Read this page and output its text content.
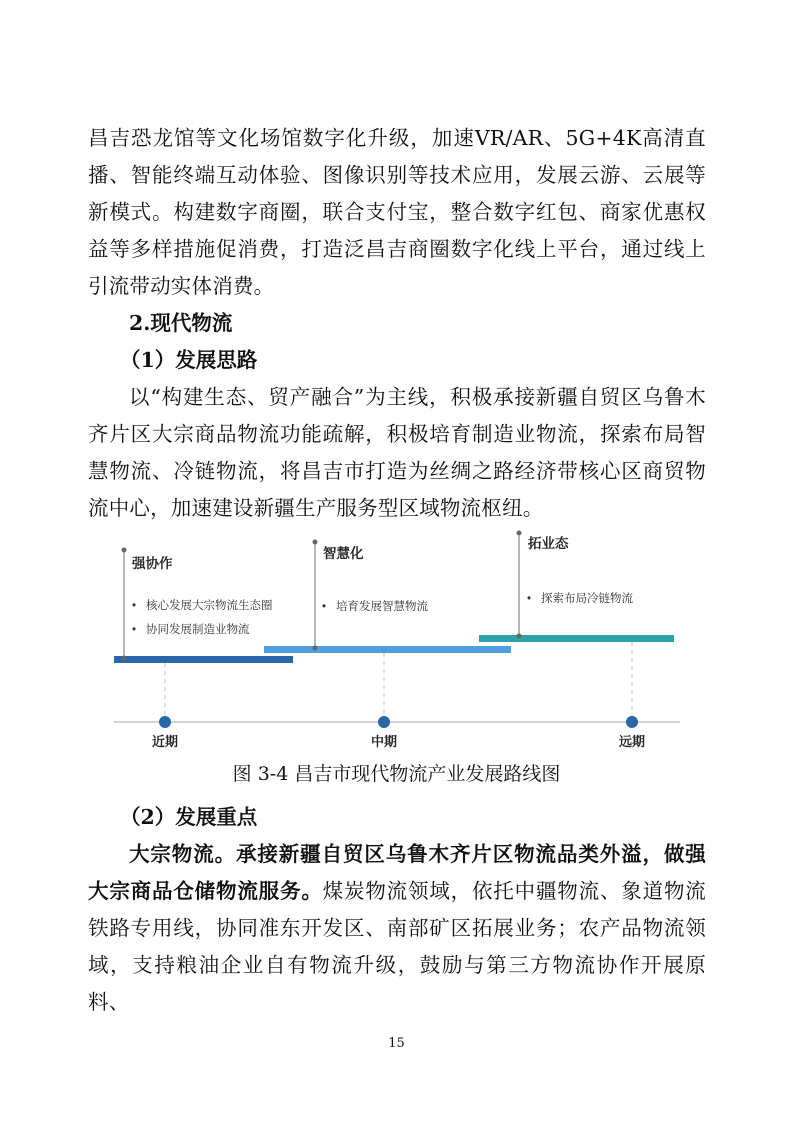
昌吉恐龙馆等文化场馆数字化升级，加速VR/AR、5G+4K高清直播、智能终端互动体验、图像识别等技术应用，发展云游、云展等新模式。构建数字商圈，联合支付宝，整合数字红包、商家优惠权益等多样措施促消费，打造泛昌吉商圈数字化线上平台，通过线上引流带动实体消费。
2.现代物流
（1）发展思路
以“构建生态、贸产融合”为主线，积极承接新疆自贸区乌鲁木齐片区大宗商品物流功能疏解，积极培育制造业物流，探索布局智慧物流、冷链物流，将昌吉市打造为丝绸之路经济带核心区商贸物流中心，加速建设新疆生产服务型区域物流枢纽。
强协作
智慧化
拓业态
• 核心发展大宗物流生态圈
• 协同发展制造业物流
• 培育发展智慧物流
• 探索布局冷链物流
近期	中期	远期
图 3-4 昌吉市现代物流产业发展路线图
（2）发展重点
大宗物流。承接新疆自贸区乌鲁木齐片区物流品类外溢，做强大宗商品仓储物流服务。煤炭物流领域，依托中疆物流、象道物流铁路专用线，协同准东开发区、南部矿区拓展业务；农产品物流领域，支持粮油企业自有物流升级，鼓励与第三方物流协作开展原料、
15
